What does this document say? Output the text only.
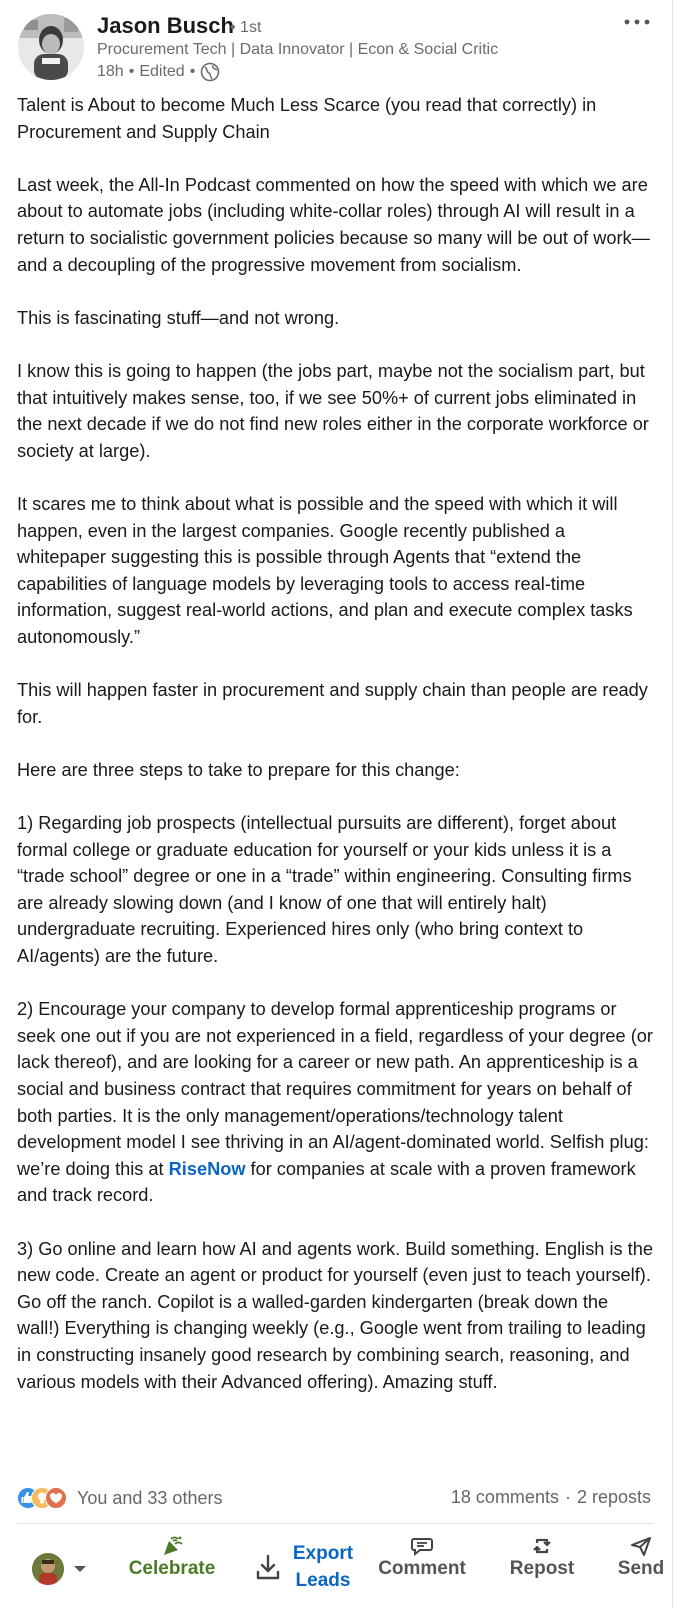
Jason Busch
• 1st
Procurement Tech | Data Innovator | Econ & Social Critic
18h • Edited •

Talent is About to become Much Less Scarce (you read that correctly) in Procurement and Supply Chain

Last week, the All-In Podcast commented on how the speed with which we are about to automate jobs (including white-collar roles) through AI will result in a return to socialistic government policies because so many will be out of work—and a decoupling of the progressive movement from socialism.

This is fascinating stuff—and not wrong.

I know this is going to happen (the jobs part, maybe not the socialism part, but that intuitively makes sense, too, if we see 50%+ of current jobs eliminated in the next decade if we do not find new roles either in the corporate workforce or society at large).

It scares me to think about what is possible and the speed with which it will happen, even in the largest companies. Google recently published a whitepaper suggesting this is possible through Agents that “extend the capabilities of language models by leveraging tools to access real-time information, suggest real-world actions, and plan and execute complex tasks autonomously.”

This will happen faster in procurement and supply chain than people are ready for.

Here are three steps to take to prepare for this change:

1) Regarding job prospects (intellectual pursuits are different), forget about formal college or graduate education for yourself or your kids unless it is a “trade school” degree or one in a “trade” within engineering. Consulting firms are already slowing down (and I know of one that will entirely halt) undergraduate recruiting. Experienced hires only (who bring context to AI/agents) are the future.

2) Encourage your company to develop formal apprenticeship programs or seek one out if you are not experienced in a field, regardless of your degree (or lack thereof), and are looking for a career or new path. An apprenticeship is a social and business contract that requires commitment for years on behalf of both parties. It is the only management/operations/technology talent development model I see thriving in an AI/agent-dominated world. Selfish plug: we’re doing this at RiseNow for companies at scale with a proven framework and track record.

3) Go online and learn how AI and agents work. Build something. English is the new code. Create an agent or product for yourself (even just to teach yourself). Go off the ranch. Copilot is a walled-garden kindergarten (break down the wall!) Everything is changing weekly (e.g., Google went from trailing to leading in constructing insanely good research by combining search, reasoning, and various models with their Advanced offering). Amazing stuff.

You and 33 others	18 comments · 2 reposts
Celebrate
Export
Leads
Comment Repost Send
